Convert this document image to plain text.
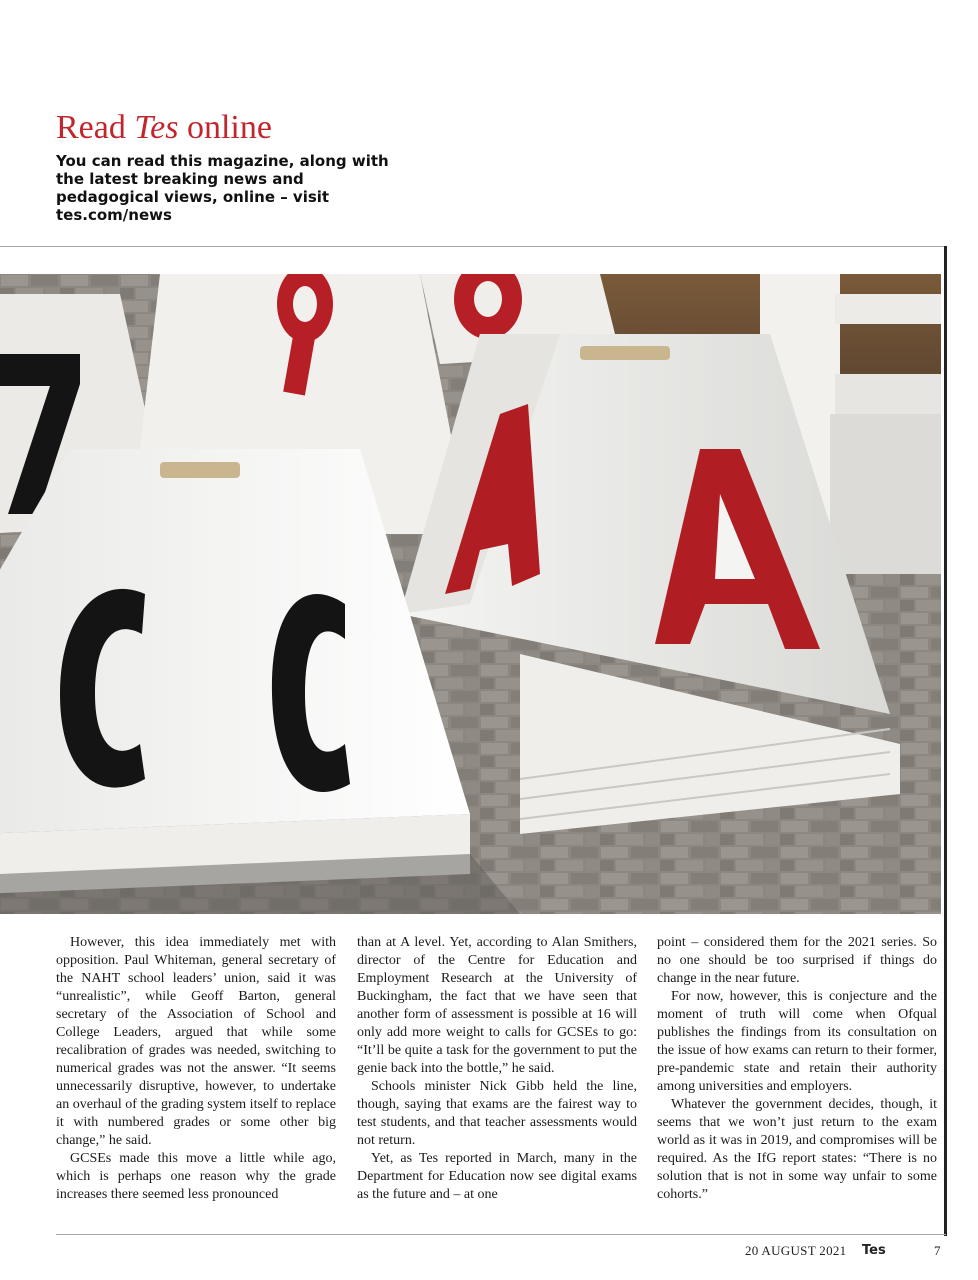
Read Tes online

You can read this magazine, along with the latest breaking news and pedagogical views, online – visit tes.com/news

However, this idea immediately met with opposition. Paul Whiteman, general secretary of the NAHT school leaders’ union, said it was “unrealistic”, while Geoff Barton, general secretary of the Association of School and College Leaders, argued that while some recalibration of grades was needed, switching to numerical grades was not the answer. “It seems unnecessarily disruptive, however, to undertake an overhaul of the grading system itself to replace it with numbered grades or some other big change,” he said.

GCSEs made this move a little while ago, which is perhaps one reason why the grade increases there seemed less pronounced

than at A level. Yet, according to Alan Smithers, director of the Centre for Education and Employment Research at the University of Buckingham, the fact that we have seen that another form of assessment is possible at 16 will only add more weight to calls for GCSEs to go: “It’ll be quite a task for the government to put the genie back into the bottle,” he said.

Schools minister Nick Gibb held the line, though, saying that exams are the fairest way to test students, and that teacher assessments would not return.

Yet, as Tes reported in March, many in the Department for Education now see digital exams as the future and – at one

point – considered them for the 2021 series. So no one should be too surprised if things do change in the near future.

For now, however, this is conjecture and the moment of truth will come when Ofqual publishes the findings from its consultation on the issue of how exams can return to their former, pre-pandemic state and retain their authority among universities and employers.

Whatever the government decides, though, it seems that we won’t just return to the exam world as it was in 2019, and compromises will be required. As the IfG report states: “There is no solution that is not in some way unfair to some cohorts.”

20 AUGUST 2021 Tes	7
